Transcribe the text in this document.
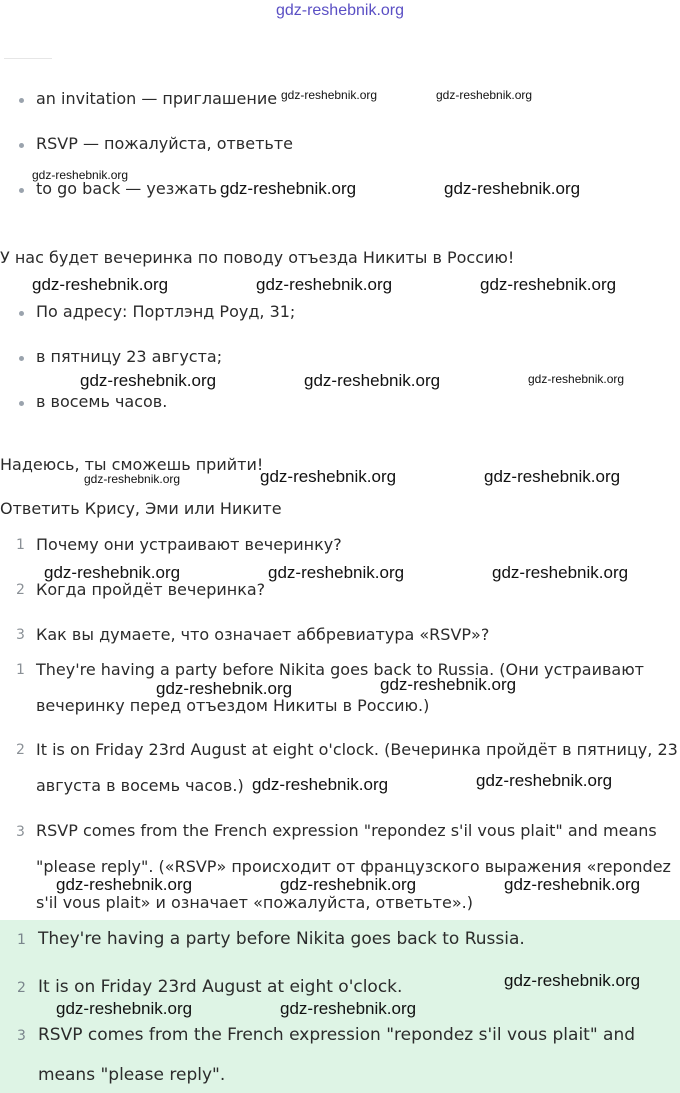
gdz-reshebnik.org
an invitation — приглашение
RSVP — пожалуйста, ответьте
to go back — уезжать
У нас будет вечеринка по поводу отъезда Никиты в Россию!
По адресу: Портлэнд Роуд, 31;
в пятницу 23 августа;
в восемь часов.
Надеюсь, ты сможешь прийти!
Ответить Крису, Эми или Никите
1 Почему они устраивают вечеринку?
2 Когда пройдёт вечеринка?
3 Как вы думаете, что означает аббревиатура «RSVP»?
1 They're having a party before Nikita goes back to Russia. (Они устраивают
вечеринку перед отъездом Никиты в Россию.)
2 It is on Friday 23rd August at eight o'clock. (Вечеринка пройдёт в пятницу, 23
августа в восемь часов.)
3 RSVP comes from the French expression "repondez s'il vous plait" and means
"please reply". («RSVP» происходит от французского выражения «repondez
s'il vous plait» и означает «пожалуйста, ответьте».)
1 They're having a party before Nikita goes back to Russia.
2 It is on Friday 23rd August at eight o'clock.
3 RSVP comes from the French expression "repondez s'il vous plait" and
means "please reply".
gdz-reshebnik.org	gdz-reshebnik.org
gdz-reshebnik.org
gdz-reshebnik.org	gdz-reshebnik.org
gdz-reshebnik.org	gdz-reshebnik.org	gdz-reshebnik.org
gdz-reshebnik.org	gdz-reshebnik.org	gdz-reshebnik.org
gdz-reshebnik.org	gdz-reshebnik.org	gdz-reshebnik.org
gdz-reshebnik.org	gdz-reshebnik.org	gdz-reshebnik.org
gdz-reshebnik.org	gdz-reshebnik.org
gdz-reshebnik.org	gdz-reshebnik.org
gdz-reshebnik.org	gdz-reshebnik.org	gdz-reshebnik.org
gdz-reshebnik.org
gdz-reshebnik.org	gdz-reshebnik.org
